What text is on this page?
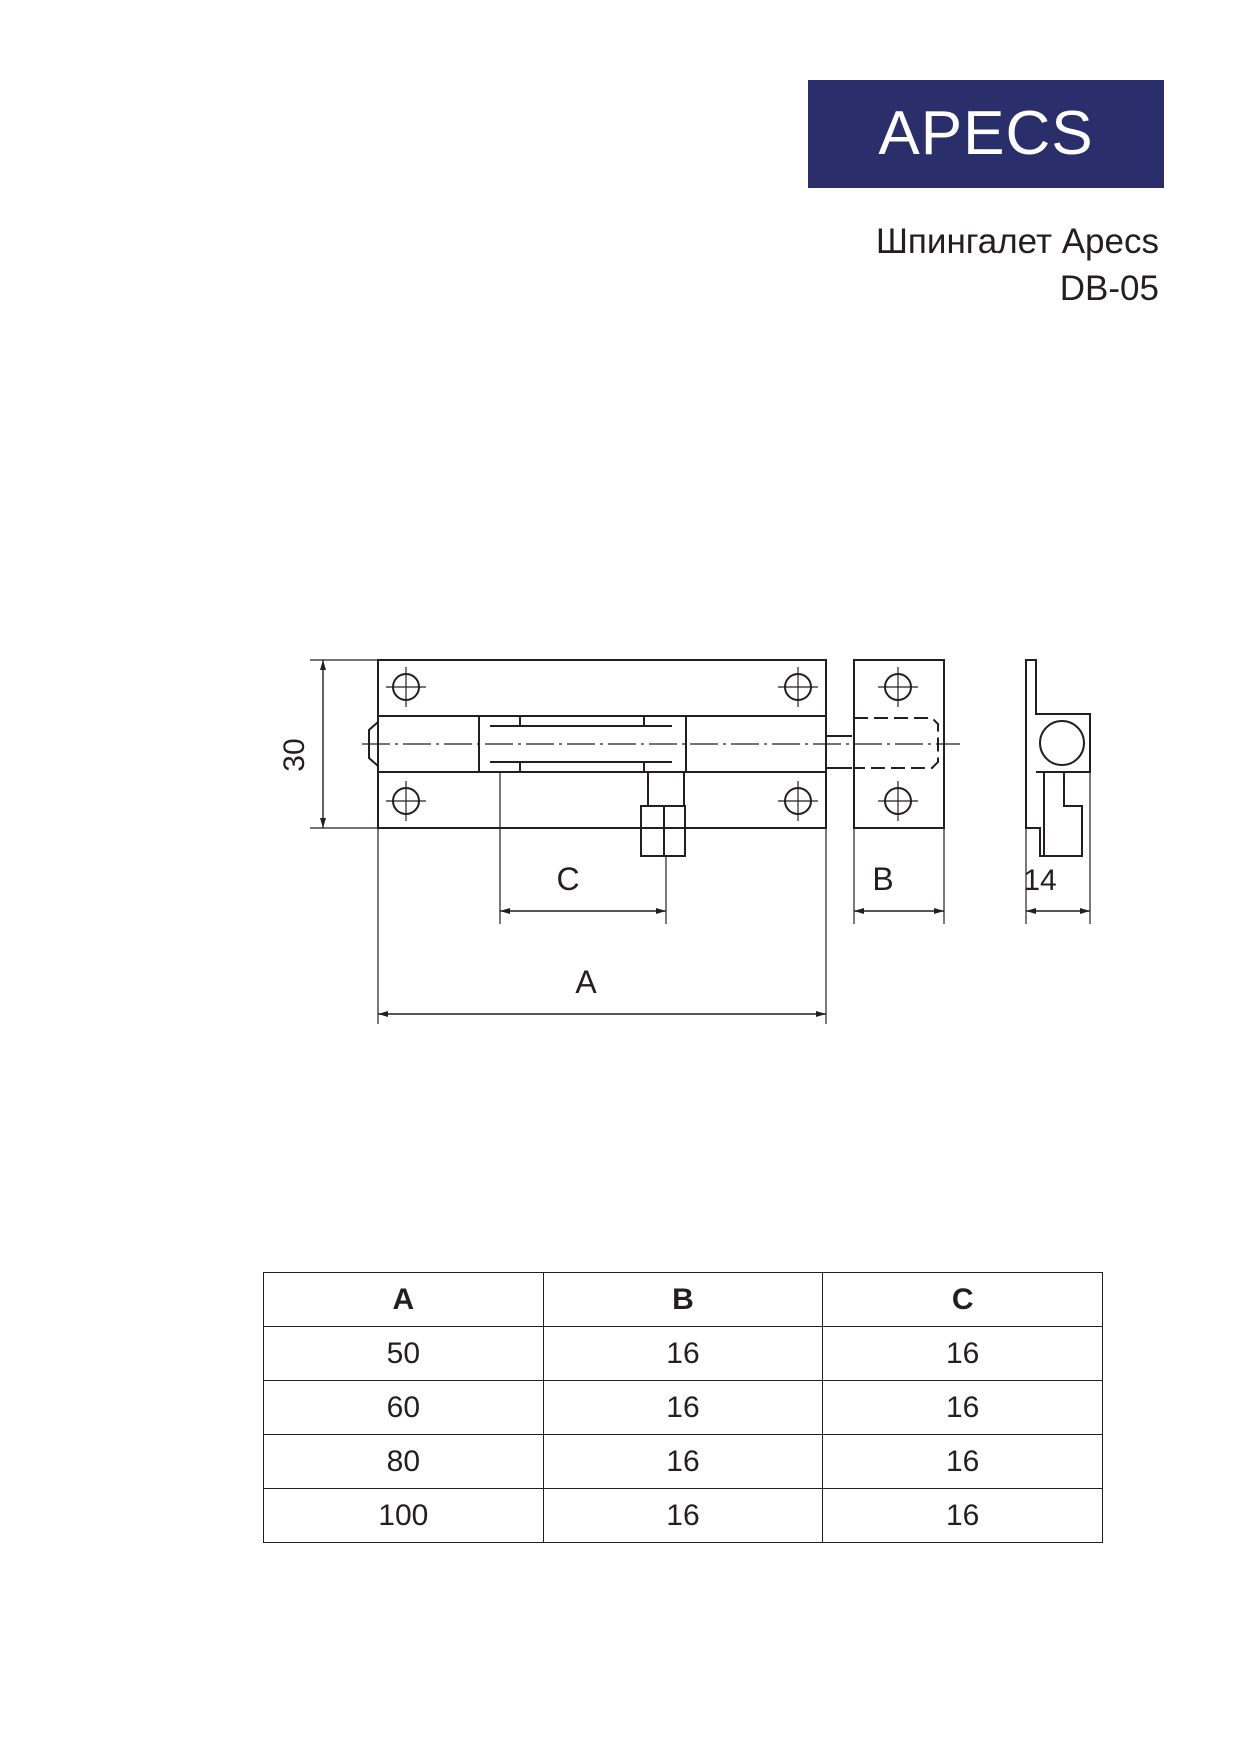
APECS
Шпингалет Apecs
DB-05
30
C	B	14
A
A	B	C
50	16	16
60	16	16
80	16	16
100	16	16
